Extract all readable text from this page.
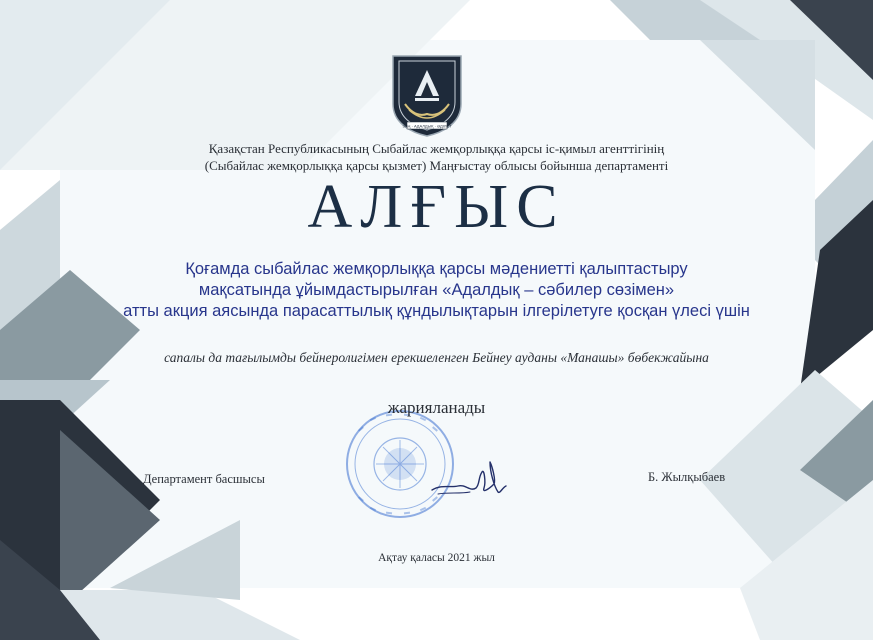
ЗАҢ · АДАЛДЫҚ · ӘДІЛЕТ
Қазақстан Республикасының Сыбайлас жемқорлыққа қарсы іс-қимыл агенттігінің
(Сыбайлас жемқорлыққа қарсы қызмет) Маңғыстау облысы бойынша департаменті
АЛҒЫС
Қоғамда сыбайлас жемқорлыққа қарсы мәдениетті қалыптастыру
мақсатында ұйымдастырылған «Адалдық – сәбилер сөзімен»
атты акция аясында парасаттылық құндылықтарын ілгерілетуге қосқан үлесі үшін
сапалы да тағылымды бейнеролигімен ерекшеленген Бейнеу ауданы «Манашы» бөбекжайына
жарияланады
Департамент басшысы	Б. Жылқыбаев
Ақтау қаласы 2021 жыл
